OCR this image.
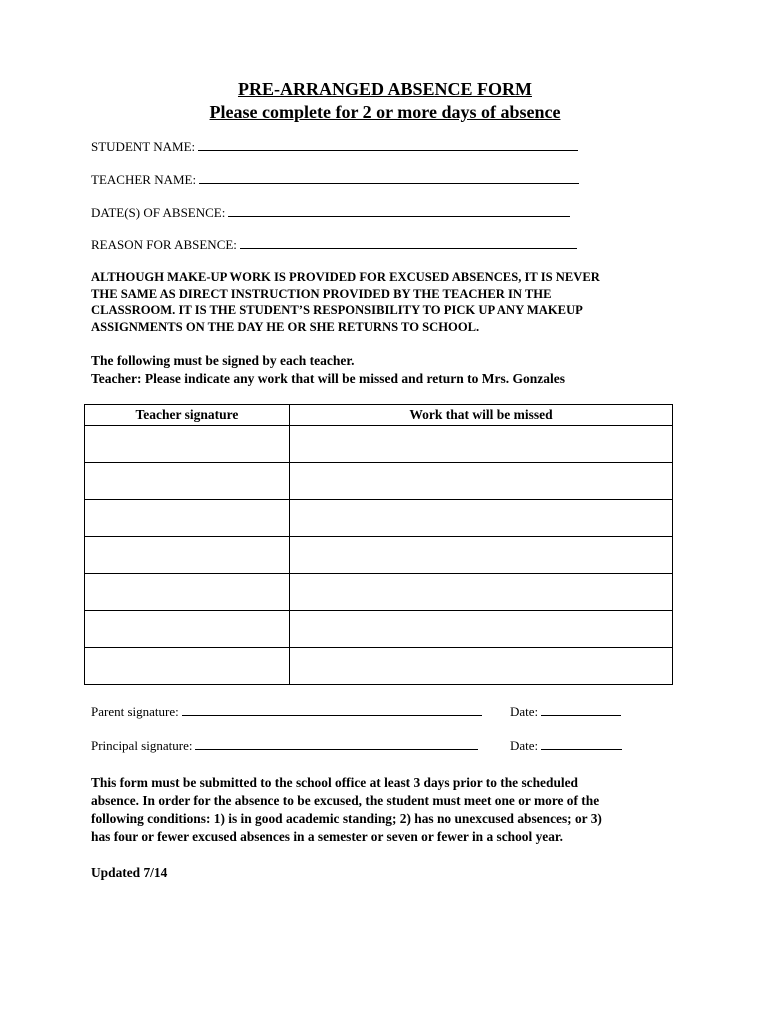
PRE-ARRANGED ABSENCE FORM
Please complete for 2 or more days of absence
STUDENT NAME:
TEACHER NAME:
DATE(S) OF ABSENCE:
REASON FOR ABSENCE:
ALTHOUGH MAKE-UP WORK IS PROVIDED FOR EXCUSED ABSENCES, IT IS NEVER
THE SAME AS DIRECT INSTRUCTION PROVIDED BY THE TEACHER IN THE
CLASSROOM. IT IS THE STUDENT’S RESPONSIBILITY TO PICK UP ANY MAKEUP
ASSIGNMENTS ON THE DAY HE OR SHE RETURNS TO SCHOOL.
The following must be signed by each teacher.
Teacher: Please indicate any work that will be missed and return to Mrs. Gonzales
Teacher signature	Work that will be missed

Parent signature:	Date:
Principal signature:	Date:
This form must be submitted to the school office at least 3 days prior to the scheduled
absence. In order for the absence to be excused, the student must meet one or more of the
following conditions: 1) is in good academic standing; 2) has no unexcused absences; or 3)
has four or fewer excused absences in a semester or seven or fewer in a school year.
Updated 7/14
